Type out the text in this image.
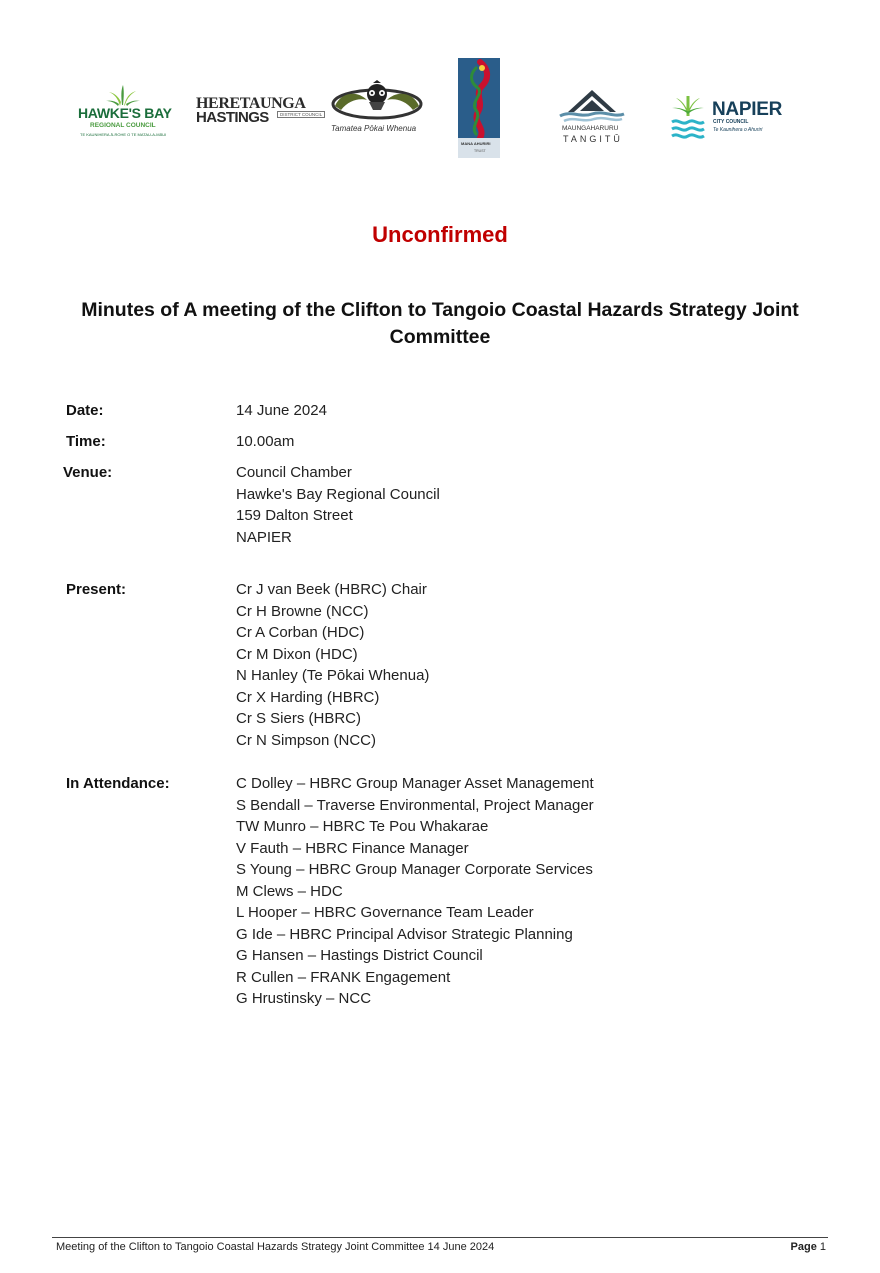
HAWKE'S BAY
REGIONAL COUNCIL
TE KAUNIHERA Ā-ROHE O TE MATAU-A-MĀUI
HERETAUNGA
HASTINGS	DISTRICT COUNCIL
Tamatea Pōkai Whenua
MANA AHURIRI
TRUST
MAUNGAHARURU
TANGITŪ
NAPIER
CITY COUNCIL
Te Kaunihera o Ahuriri
Unconfirmed
Minutes of A meeting of the Clifton to Tangoio Coastal Hazards Strategy Joint Committee
Date:	14 June 2024
Time:	10.00am
Venue:	Council Chamber
Hawke's Bay Regional Council
159 Dalton Street
NAPIER
Present:	Cr J van Beek (HBRC) Chair
Cr H Browne (NCC)
Cr A Corban (HDC)
Cr M Dixon (HDC)
N Hanley (Te Pōkai Whenua)
Cr X Harding (HBRC)
Cr S Siers (HBRC)
Cr N Simpson (NCC)
In Attendance:	C Dolley – HBRC Group Manager Asset Management
S Bendall – Traverse Environmental, Project Manager
TW Munro – HBRC Te Pou Whakarae
V Fauth – HBRC Finance Manager
S Young – HBRC Group Manager Corporate Services
M Clews – HDC
L Hooper – HBRC Governance Team Leader
G Ide – HBRC Principal Advisor Strategic Planning
G Hansen – Hastings District Council
R Cullen – FRANK Engagement
G Hrustinsky – NCC
Meeting of the Clifton to Tangoio Coastal Hazards Strategy Joint Committee 14 June 2024	Page 1
